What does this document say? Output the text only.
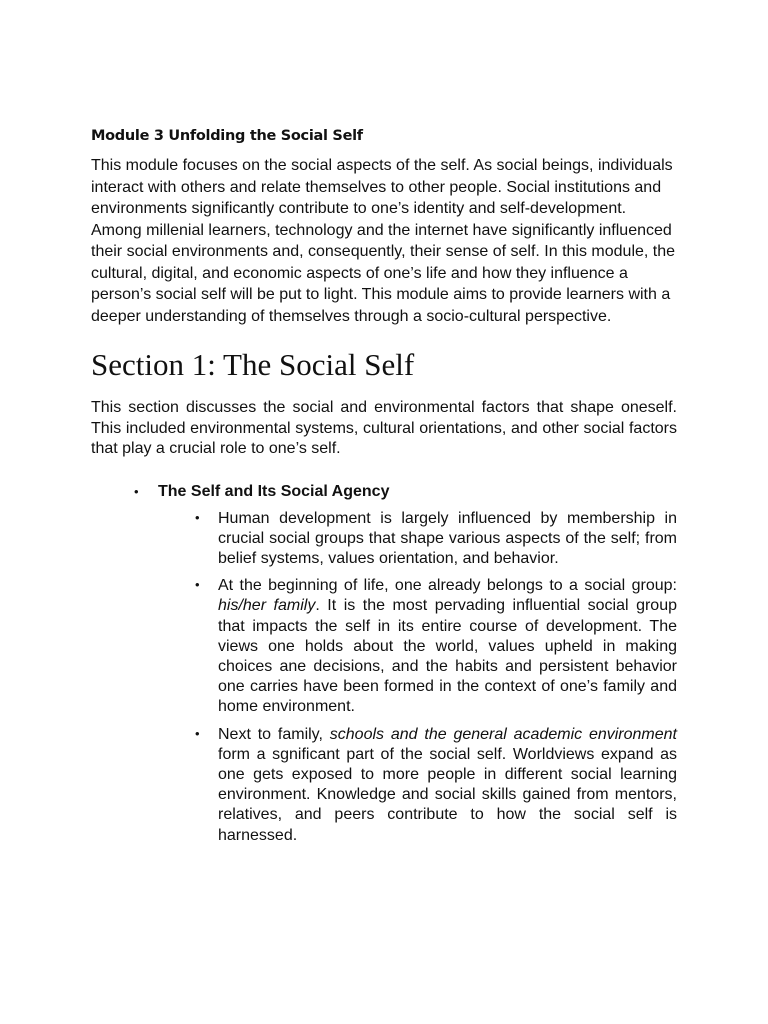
Module 3 Unfolding the Social Self

This module focuses on the social aspects of the self. As social beings, individuals interact with others and relate themselves to other people. Social institutions and environments significantly contribute to one’s identity and self-development. Among millenial learners, technology and the internet have significantly influenced their social environments and, consequently, their sense of self. In this module, the cultural, digital, and economic aspects of one’s life and how they influence a person’s social self will be put to light. This module aims to provide learners with a deeper understanding of themselves through a socio-cultural perspective.

Section 1: The Social Self

This section discusses the social and environmental factors that shape oneself. This included environmental systems, cultural orientations, and other social factors that play a crucial role to one’s self.

• The Self and Its Social Agency
• Human development is largely influenced by membership in crucial social groups that shape various aspects of the self; from belief systems, values orientation, and behavior.
• At the beginning of life, one already belongs to a social group: his/her family. It is the most pervading influential social group that impacts the self in its entire course of development. The views one holds about the world, values upheld in making choices ane decisions, and the habits and persistent behavior one carries have been formed in the context of one’s family and home environment.
• Next to family, schools and the general academic environment form a sgnificant part of the social self. Worldviews expand as one gets exposed to more people in different social learning environment. Knowledge and social skills gained from mentors, relatives, and peers contribute to how the social self is harnessed.
